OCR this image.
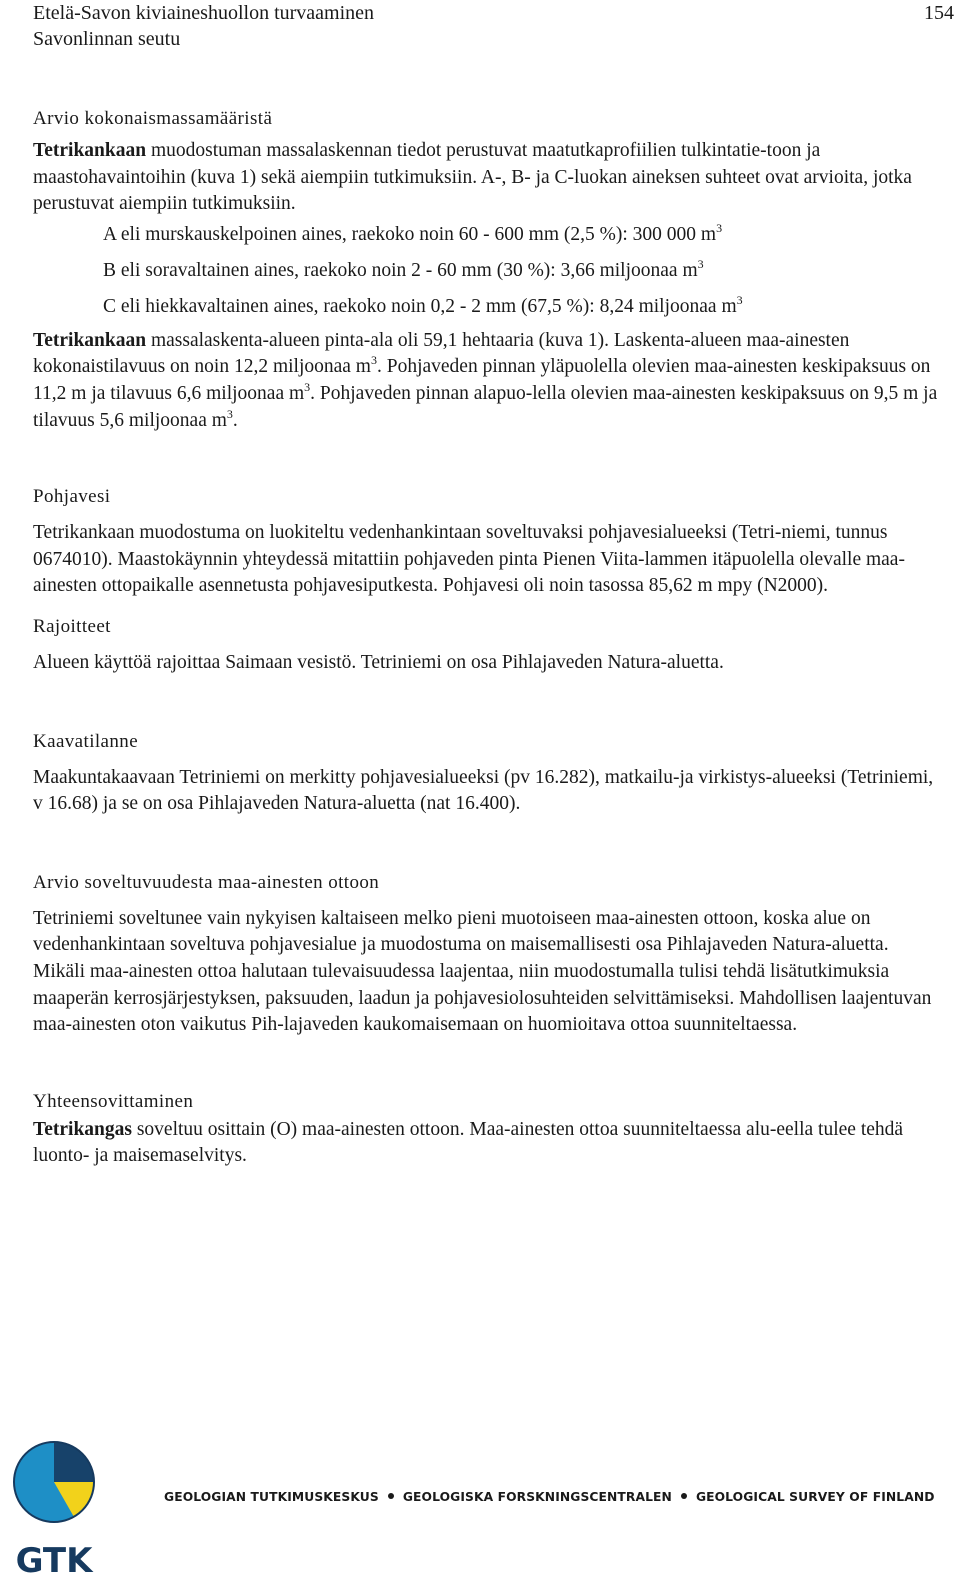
Etelä-Savon kiviaineshuollon turvaaminen
Savonlinnan seutu
154
Arvio kokonaismassamääristä

Tetrikankaan muodostuman massalaskennan tiedot perustuvat maatutkaprofiilien tulkintatie-toon ja maastohavaintoihin (kuva 1) sekä aiempiin tutkimuksiin. A-, B- ja C-luokan aineksen suhteet ovat arvioita, jotka perustuvat aiempiin tutkimuksiin.

A eli murskauskelpoinen aines, raekoko noin 60 - 600 mm (2,5 %): 300 000 $m^3$

B eli soravaltainen aines, raekoko noin 2 - 60 mm (30 %): 3,66 miljoonaa $m^3$

C eli hiekkavaltainen aines, raekoko noin 0,2 - 2 mm (67,5 %): 8,24 miljoonaa $m^3$

Tetrikankaan massalaskenta-alueen pinta-ala oli 59,1 hehtaaria (kuva 1). Laskenta-alueen maa-ainesten kokonaistilavuus on noin 12,2 miljoonaa $m^3$. Pohjaveden pinnan yläpuolella olevien maa-ainesten keskipaksuus on 11,2 m ja tilavuus 6,6 miljoonaa $m^3$. Pohjaveden pinnan alapuo-lella olevien maa-ainesten keskipaksuus on 9,5 m ja tilavuus 5,6 miljoonaa $m^3$.

Pohjavesi

Tetrikankaan muodostuma on luokiteltu vedenhankintaan soveltuvaksi pohjavesialueeksi (Tetri-niemi, tunnus 0674010). Maastokäynnin yhteydessä mitattiin pohjaveden pinta Pienen Viita-lammen itäpuolella olevalle maa-ainesten ottopaikalle asennetusta pohjavesiputkesta. Pohjavesi oli noin tasossa 85,62 m mpy (N2000).

Rajoitteet

Alueen käyttöä rajoittaa Saimaan vesistö. Tetriniemi on osa Pihlajaveden Natura-aluetta.

Kaavatilanne

Maakuntakaavaan Tetriniemi on merkitty pohjavesialueeksi (pv 16.282), matkailu-ja virkistys-alueeksi (Tetriniemi, v 16.68) ja se on osa Pihlajaveden Natura-aluetta (nat 16.400).

Arvio soveltuvuudesta maa-ainesten ottoon

Tetriniemi soveltunee vain nykyisen kaltaiseen melko pieni muotoiseen maa-ainesten ottoon, koska alue on vedenhankintaan soveltuva pohjavesialue ja muodostuma on maisemallisesti osa Pihlajaveden Natura-aluetta. Mikäli maa-ainesten ottoa halutaan tulevaisuudessa laajentaa, niin muodostumalla tulisi tehdä lisätutkimuksia maaperän kerrosjärjestyksen, paksuuden, laadun ja pohjavesiolosuhteiden selvittämiseksi. Mahdollisen laajentuvan maa-ainesten oton vaikutus Pih-lajaveden kaukomaisemaan on huomioitava ottoa suunniteltaessa.

Yhteensovittaminen

Tetrikangas soveltuu osittain (O) maa-ainesten ottoon. Maa-ainesten ottoa suunniteltaessa alu-eella tulee tehdä luonto- ja maisemaselvitys.

GTK
GEOLOGIAN TUTKIMUSKESKUS GEOLOGISKA FORSKNINGSCENTRALEN GEOLOGICAL SURVEY OF FINLAND
